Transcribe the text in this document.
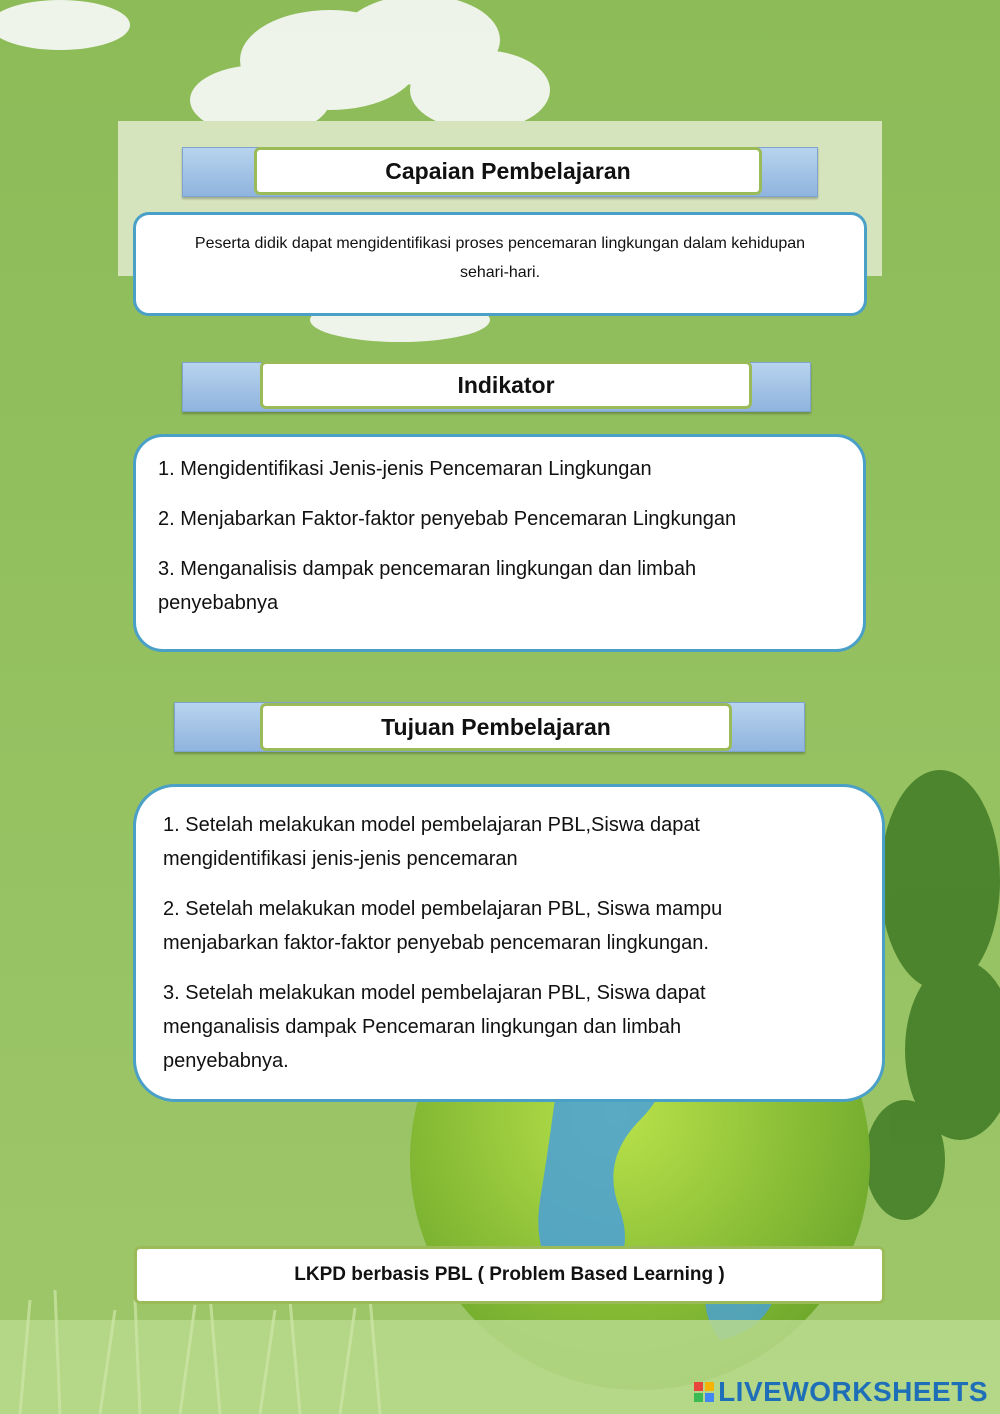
Capaian Pembelajaran
Peserta didik dapat mengidentifikasi proses pencemaran lingkungan dalam kehidupan sehari-hari.
Indikator
1. Mengidentifikasi Jenis-jenis Pencemaran Lingkungan
2. Menjabarkan Faktor-faktor penyebab Pencemaran Lingkungan
3. Menganalisis dampak pencemaran lingkungan dan limbah penyebabnya
Tujuan Pembelajaran
1. Setelah melakukan model pembelajaran PBL,Siswa dapat mengidentifikasi jenis-jenis pencemaran
2. Setelah melakukan model pembelajaran PBL, Siswa mampu menjabarkan faktor-faktor penyebab pencemaran lingkungan.
3. Setelah melakukan model pembelajaran PBL, Siswa dapat menganalisis dampak Pencemaran lingkungan dan limbah penyebabnya.
LKPD berbasis PBL ( Problem Based Learning )
LIVEWORKSHEETS
